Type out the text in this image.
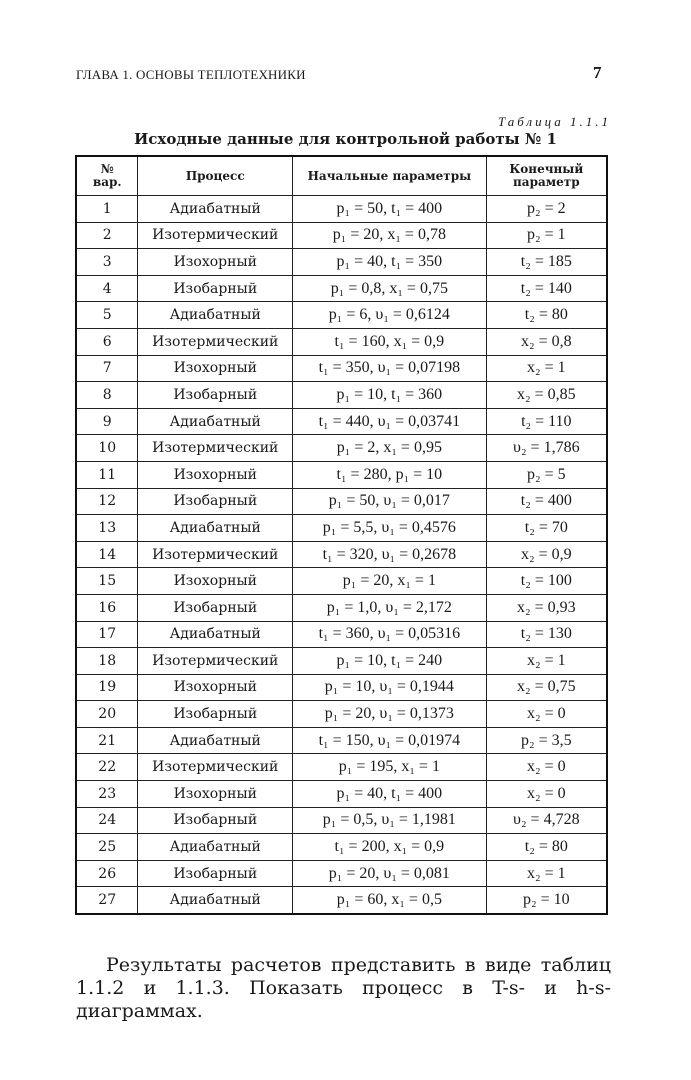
ГЛАВА 1. ОСНОВЫ ТЕПЛОТЕХНИКИ	7
Таблица 1.1.1
Исходные данные для контрольной работы № 1
№ вар.	Процесс	Начальные параметры	Конечный параметр
1	Адиабатный	p₁ = 50, t₁ = 400	p₂ = 2
2	Изотермический	p₁ = 20, x₁ = 0,78	p₂ = 1
3	Изохорный	p₁ = 40, t₁ = 350	t₂ = 185
4	Изобарный	p₁ = 0,8, x₁ = 0,75	t₂ = 140
5	Адиабатный	p₁ = 6, υ₁ = 0,6124	t₂ = 80
6	Изотермический	t₁ = 160, x₁ = 0,9	x₂ = 0,8
7	Изохорный	t₁ = 350, υ₁ = 0,07198	x₂ = 1
8	Изобарный	p₁ = 10, t₁ = 360	x₂ = 0,85
9	Адиабатный	t₁ = 440, υ₁ = 0,03741	t₂ = 110
10	Изотермический	p₁ = 2, x₁ = 0,95	υ₂ = 1,786
11	Изохорный	t₁ = 280, p₁ = 10	p₂ = 5
12	Изобарный	p₁ = 50, υ₁ = 0,017	t₂ = 400
13	Адиабатный	p₁ = 5,5, υ₁ = 0,4576	t₂ = 70
14	Изотермический	t₁ = 320, υ₁ = 0,2678	x₂ = 0,9
15	Изохорный	p₁ = 20, x₁ = 1	t₂ = 100
16	Изобарный	p₁ = 1,0, υ₁ = 2,172	x₂ = 0,93
17	Адиабатный	t₁ = 360, υ₁ = 0,05316	t₂ = 130
18	Изотермический	p₁ = 10, t₁ = 240	x₂ = 1
19	Изохорный	p₁ = 10, υ₁ = 0,1944	x₂ = 0,75
20	Изобарный	p₁ = 20, υ₁ = 0,1373	x₂ = 0
21	Адиабатный	t₁ = 150, υ₁ = 0,01974	p₂ = 3,5
22	Изотермический	p₁ = 195, x₁ = 1	x₂ = 0
23	Изохорный	p₁ = 40, t₁ = 400	x₂ = 0
24	Изобарный	p₁ = 0,5, υ₁ = 1,1981	υ₂ = 4,728
25	Адиабатный	t₁ = 200, x₁ = 0,9	t₂ = 80
26	Изобарный	p₁ = 20, υ₁ = 0,081	x₂ = 1
27	Адиабатный	p₁ = 60, x₁ = 0,5	p₂ = 10
Результаты расчетов представить в виде таблиц 1.1.2 и 1.1.3. Показать процесс в T-s- и h-s-диаграммах.
